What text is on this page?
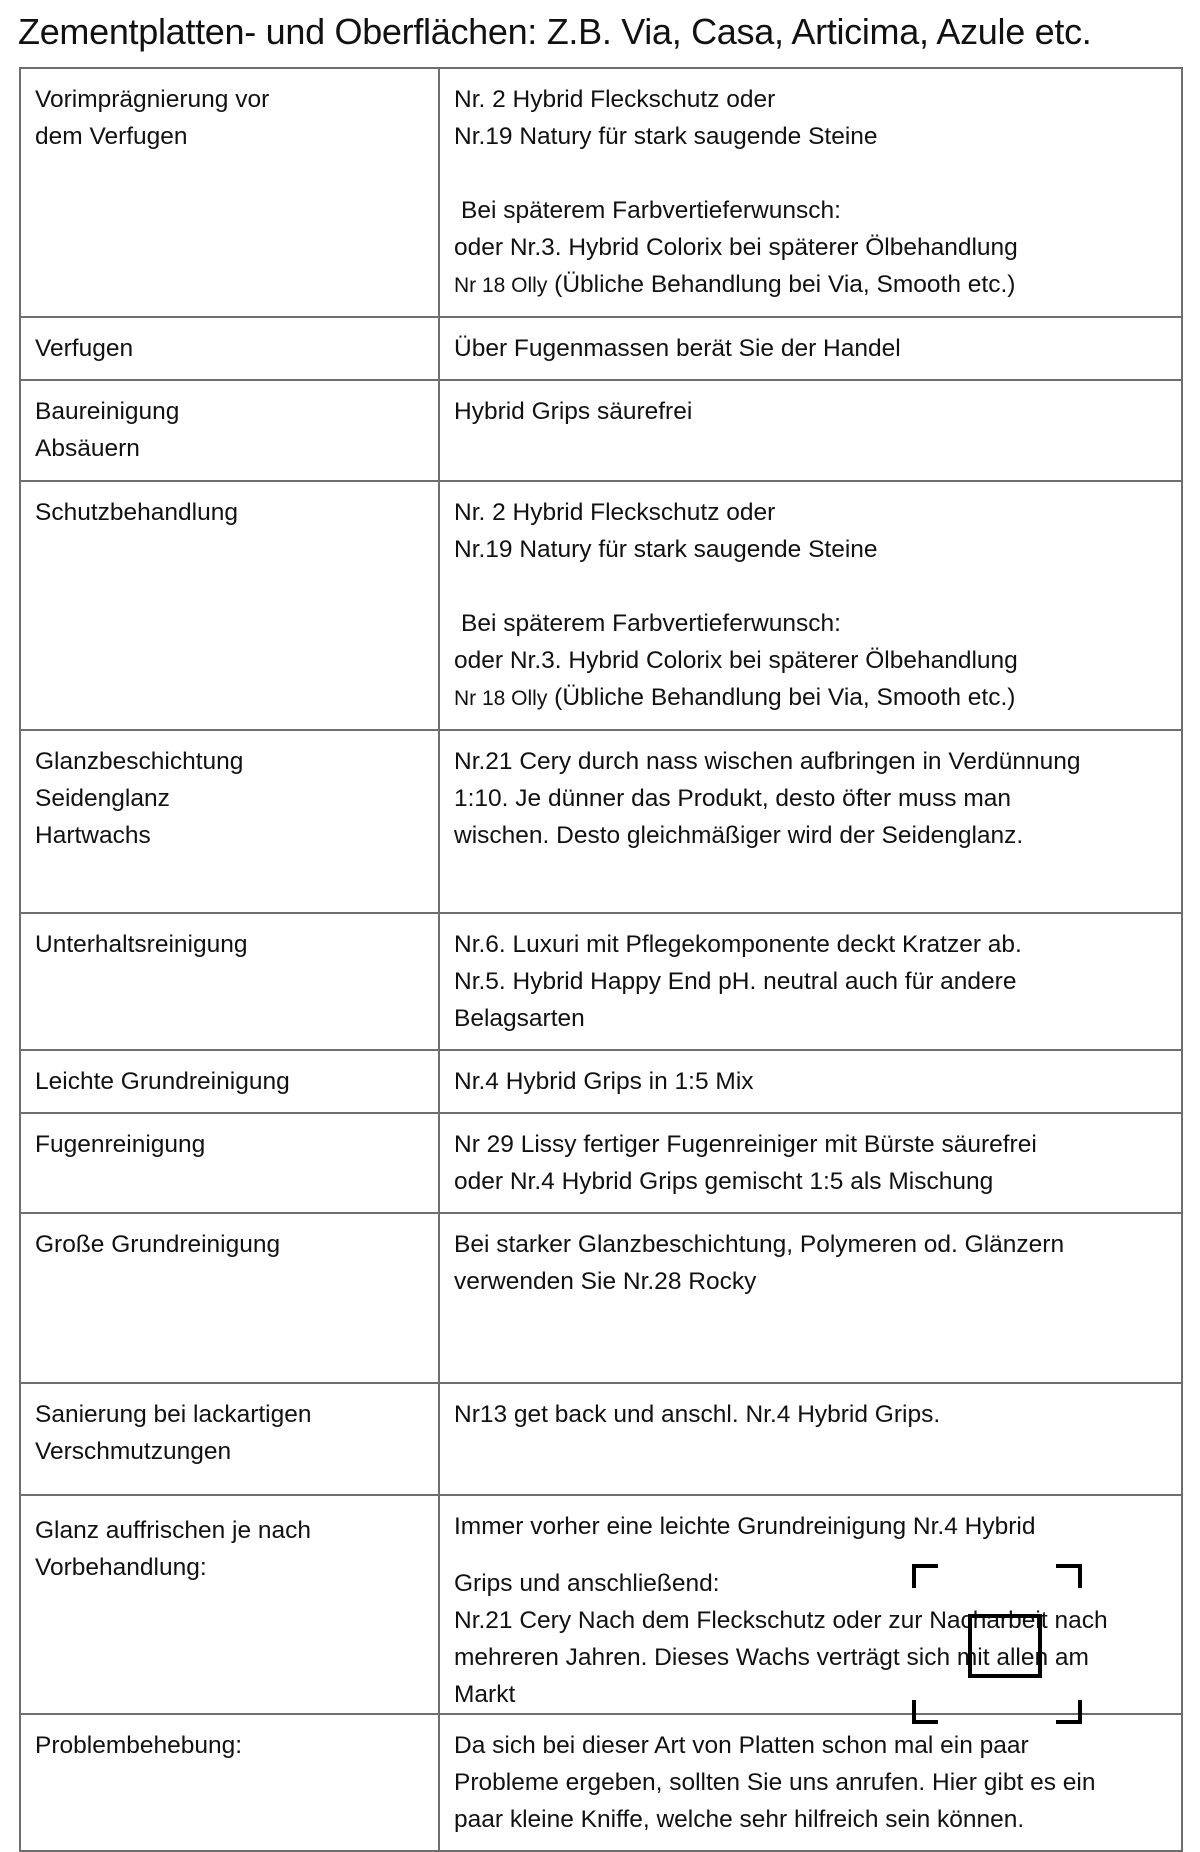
Zementplatten- und Oberflächen: Z.B. Via, Casa, Articima, Azule etc.
Vorimprägnierung vor
dem Verfugen	Nr. 2 Hybrid Fleckschutz oder
Nr.19 Natury für stark saugende Steine
Bei späterem Farbvertieferwunsch:
oder Nr.3. Hybrid Colorix bei späterer Ölbehandlung
Nr 18 Olly (Übliche Behandlung bei Via, Smooth etc.)

Verfugen	Über Fugenmassen berät Sie der Handel

Baureinigung
Absäuern	Hybrid Grips säurefrei

Schutzbehandlung	Nr. 2 Hybrid Fleckschutz oder
Nr.19 Natury für stark saugende Steine
Bei späterem Farbvertieferwunsch:
oder Nr.3. Hybrid Colorix bei späterer Ölbehandlung
Nr 18 Olly (Übliche Behandlung bei Via, Smooth etc.)

Glanzbeschichtung
Seidenglanz
Hartwachs	Nr.21 Cery durch nass wischen aufbringen in Verdünnung
1:10. Je dünner das Produkt, desto öfter muss man
wischen. Desto gleichmäßiger wird der Seidenglanz.

Unterhaltsreinigung	Nr.6. Luxuri mit Pflegekomponente deckt Kratzer ab.
Nr.5. Hybrid Happy End pH. neutral auch für andere
Belagsarten

Leichte Grundreinigung	Nr.4 Hybrid Grips in 1:5 Mix

Fugenreinigung	Nr 29 Lissy fertiger Fugenreiniger mit Bürste säurefrei
oder Nr.4 Hybrid Grips gemischt 1:5 als Mischung

Große Grundreinigung	Bei starker Glanzbeschichtung, Polymeren od. Glänzern
verwenden Sie Nr.28 Rocky

Sanierung bei lackartigen
Verschmutzungen	Nr13 get back und anschl. Nr.4 Hybrid Grips.

Glanz auffrischen je nach
Vorbehandlung:	Immer vorher eine leichte Grundreinigung Nr.4 Hybrid
Grips und anschließend:
Nr.21 Cery Nach dem Fleckschutz oder zur Nacharbeit nach
mehreren Jahren. Dieses Wachs verträgt sich mit allen am
Markt

Problembehebung:	Da sich bei dieser Art von Platten schon mal ein paar
Probleme ergeben, sollten Sie uns anrufen. Hier gibt es ein
paar kleine Kniffe, welche sehr hilfreich sein können.
